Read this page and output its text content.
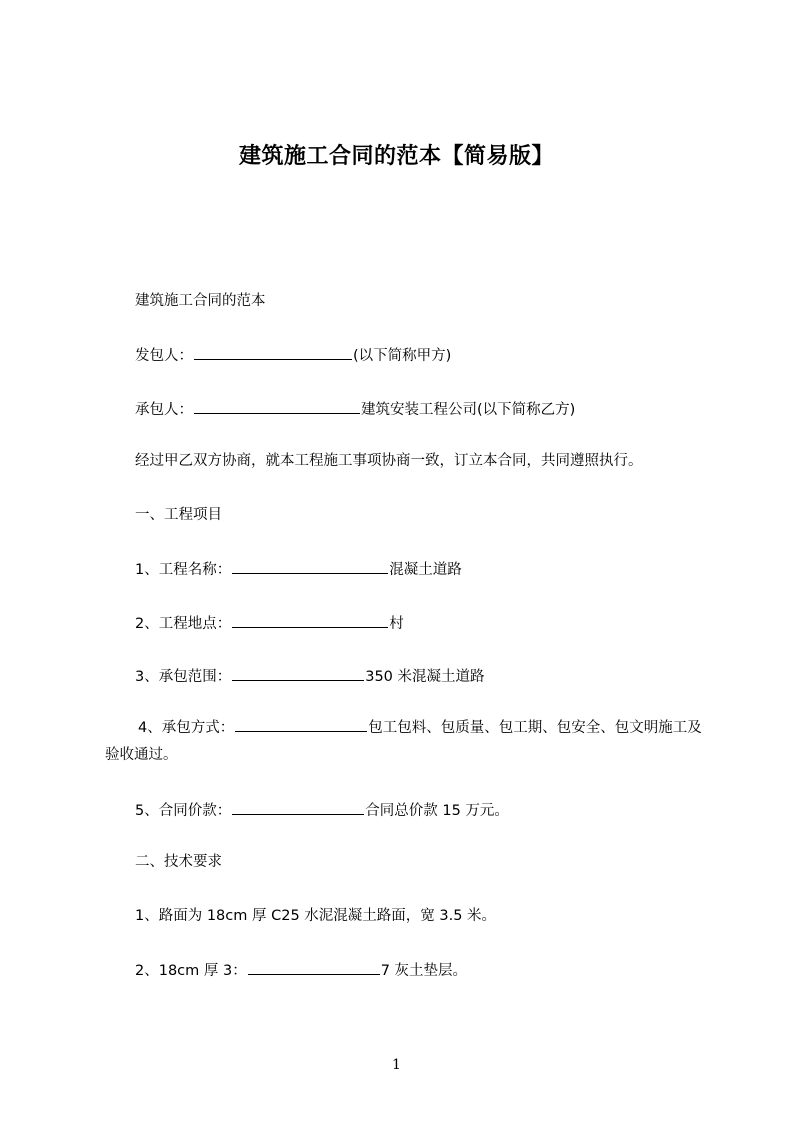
建筑施工合同的范本【简易版】
建筑施工合同的范本
发包人：	(以下简称甲方)
承包人：	建筑安装工程公司(以下简称乙方)
经过甲乙双方协商，就本工程施工事项协商一致，订立本合同，共同遵照执行。
一、工程项目
1、工程名称：	混凝土道路
2、工程地点：	村
3、承包范围：	350 米混凝土道路
4、承包方式：	包工包料、包质量、包工期、包安全、包文明施工及验收通过。
5、合同价款：	合同总价款 15 万元。
二、技术要求
1、路面为 18cm 厚 C25 水泥混凝土路面，宽 3.5 米。
2、18cm 厚 3：	7 灰土垫层。
1
